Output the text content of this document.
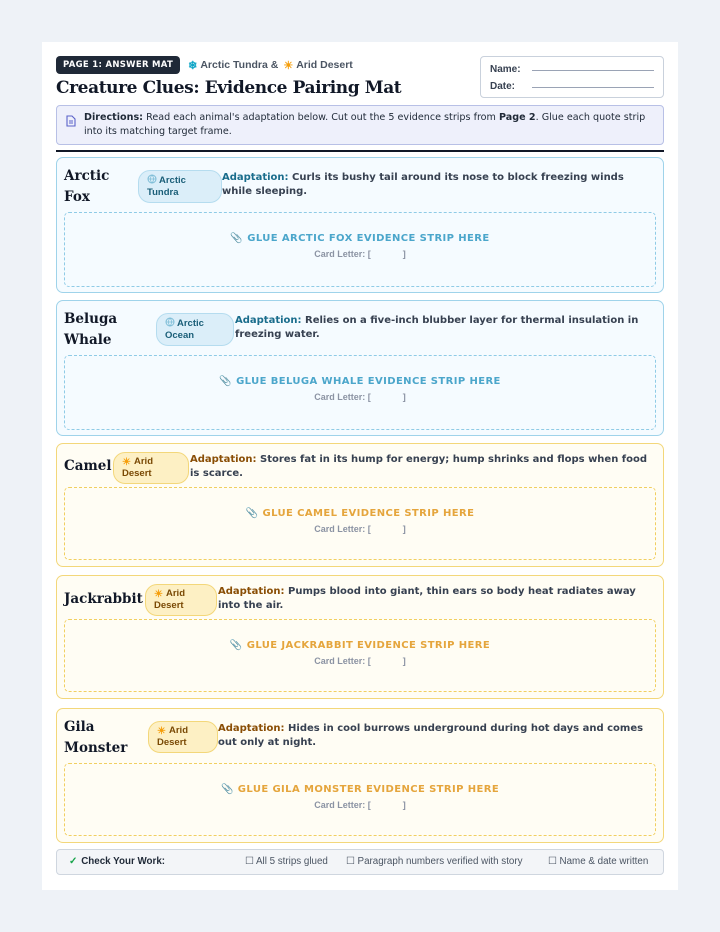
PAGE 1: ANSWER MAT	❄ Arctic Tundra & ☀ Arid Desert
Creature Clues: Evidence Pairing Mat
Name:
Date:
Directions: Read each animal's adaptation below. Cut out the 5 evidence strips from Page 2. Glue each quote strip into its matching target frame.
Arctic
Fox
Arctic
Tundra
Adaptation: Curls its bushy tail around its nose to block freezing winds while sleeping.
📎 GLUE ARCTIC FOX EVIDENCE STRIP HERE
Card Letter: [	]
Beluga
Whale
Arctic
Ocean
Adaptation: Relies on a five-inch blubber layer for thermal insulation in freezing water.
📎 GLUE BELUGA WHALE EVIDENCE STRIP HERE
Card Letter: [	]
Camel	☀ Arid
Desert
Adaptation: Stores fat in its hump for energy; hump shrinks and flops when food is scarce.
📎 GLUE CAMEL EVIDENCE STRIP HERE
Card Letter: [	]
Jackrabbit	☀ Arid
Desert
Adaptation: Pumps blood into giant, thin ears so body heat radiates away into the air.
📎 GLUE JACKRABBIT EVIDENCE STRIP HERE
Card Letter: [	]
Gila
Monster
☀ Arid
Desert
Adaptation: Hides in cool burrows underground during hot days and comes out only at night.
📎 GLUE GILA MONSTER EVIDENCE STRIP HERE
Card Letter: [	]
✓ Check Your Work:	☐ All 5 strips glued ☐ Paragraph numbers verified with story	☐ Name & date written
